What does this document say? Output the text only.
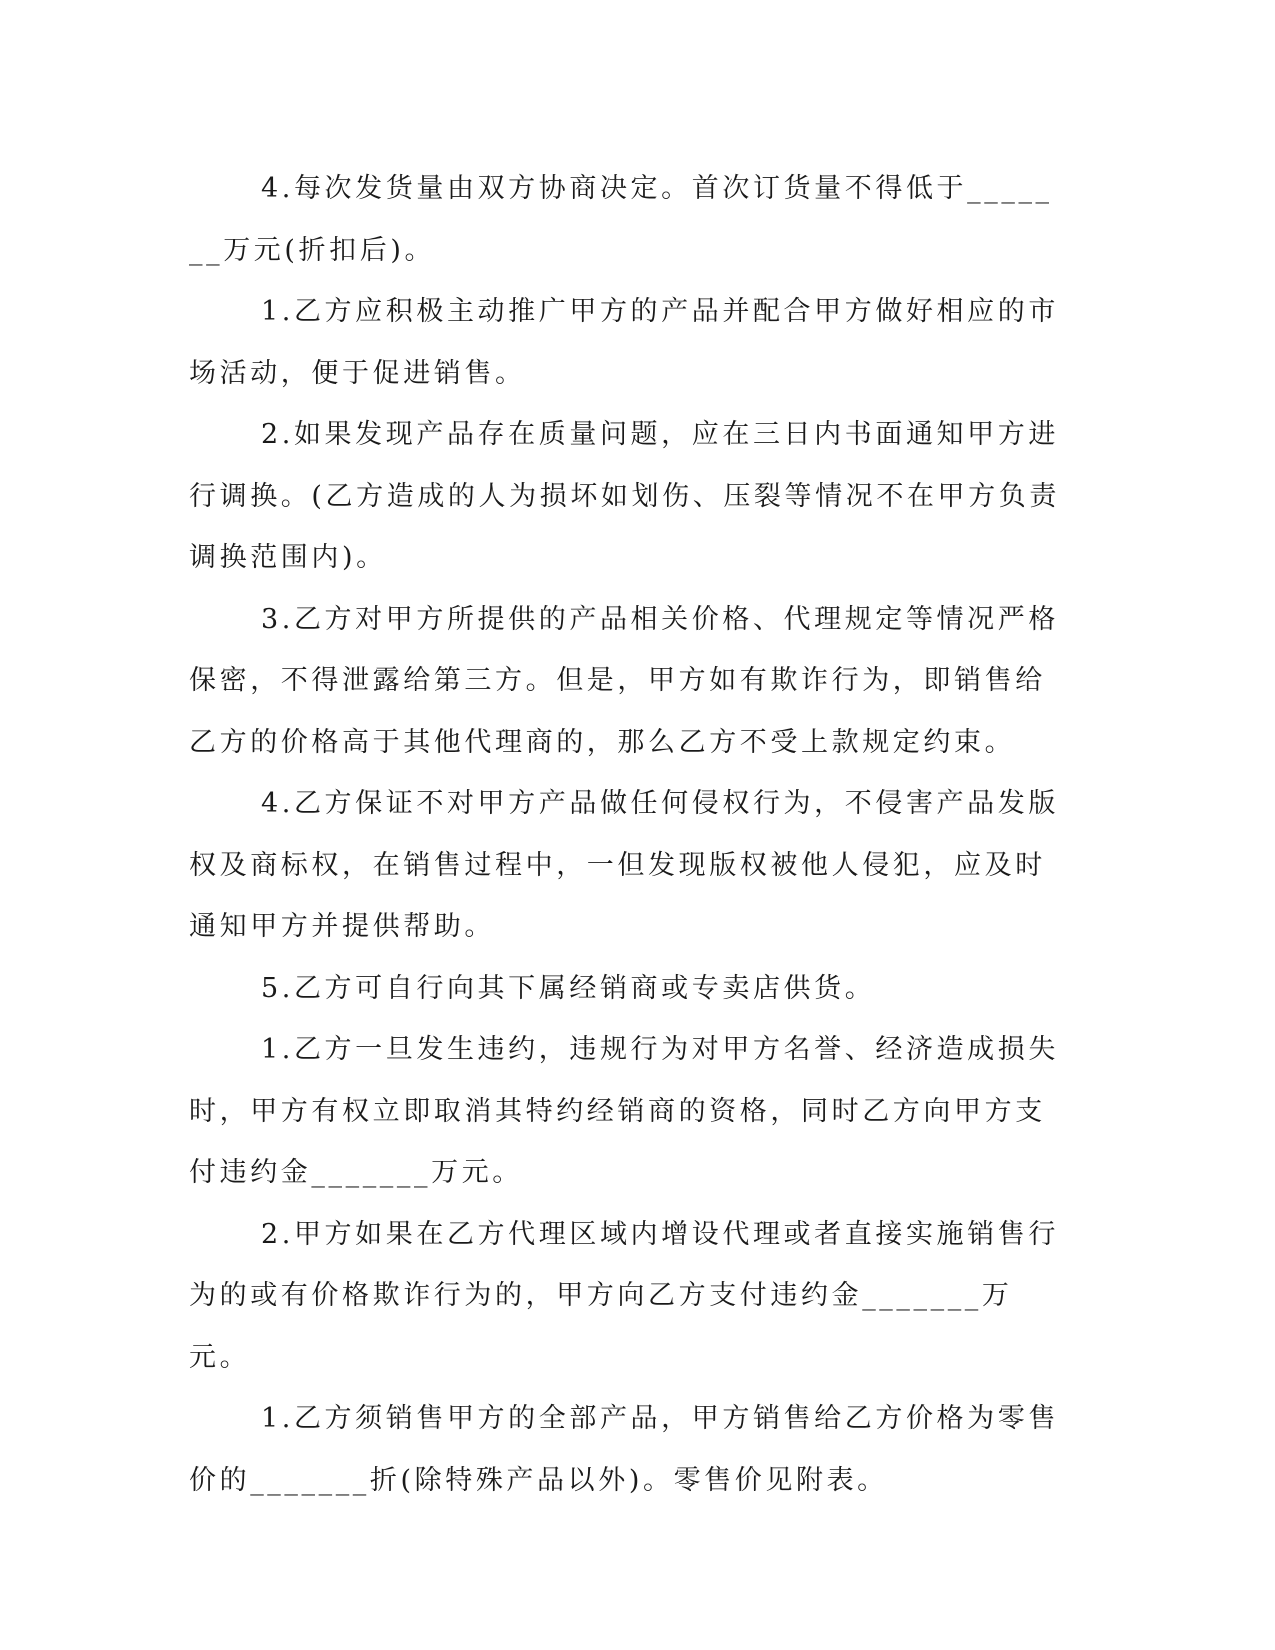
4.每次发货量由双方协商决定。首次订货量不得低于_______万元(折扣后)。

1.乙方应积极主动推广甲方的产品并配合甲方做好相应的市场活动，便于促进销售。

2.如果发现产品存在质量问题，应在三日内书面通知甲方进行调换。(乙方造成的人为损坏如划伤、压裂等情况不在甲方负责调换范围内)。

3.乙方对甲方所提供的产品相关价格、代理规定等情况严格保密，不得泄露给第三方。但是，甲方如有欺诈行为，即销售给乙方的价格高于其他代理商的，那么乙方不受上款规定约束。

4.乙方保证不对甲方产品做任何侵权行为，不侵害产品发版权及商标权，在销售过程中，一但发现版权被他人侵犯，应及时通知甲方并提供帮助。

5.乙方可自行向其下属经销商或专卖店供货。

1.乙方一旦发生违约，违规行为对甲方名誉、经济造成损失时，甲方有权立即取消其特约经销商的资格，同时乙方向甲方支付违约金_______万元。

2.甲方如果在乙方代理区域内增设代理或者直接实施销售行为的或有价格欺诈行为的，甲方向乙方支付违约金_______万元。

1.乙方须销售甲方的全部产品，甲方销售给乙方价格为零售价的_______折(除特殊产品以外)。零售价见附表。
